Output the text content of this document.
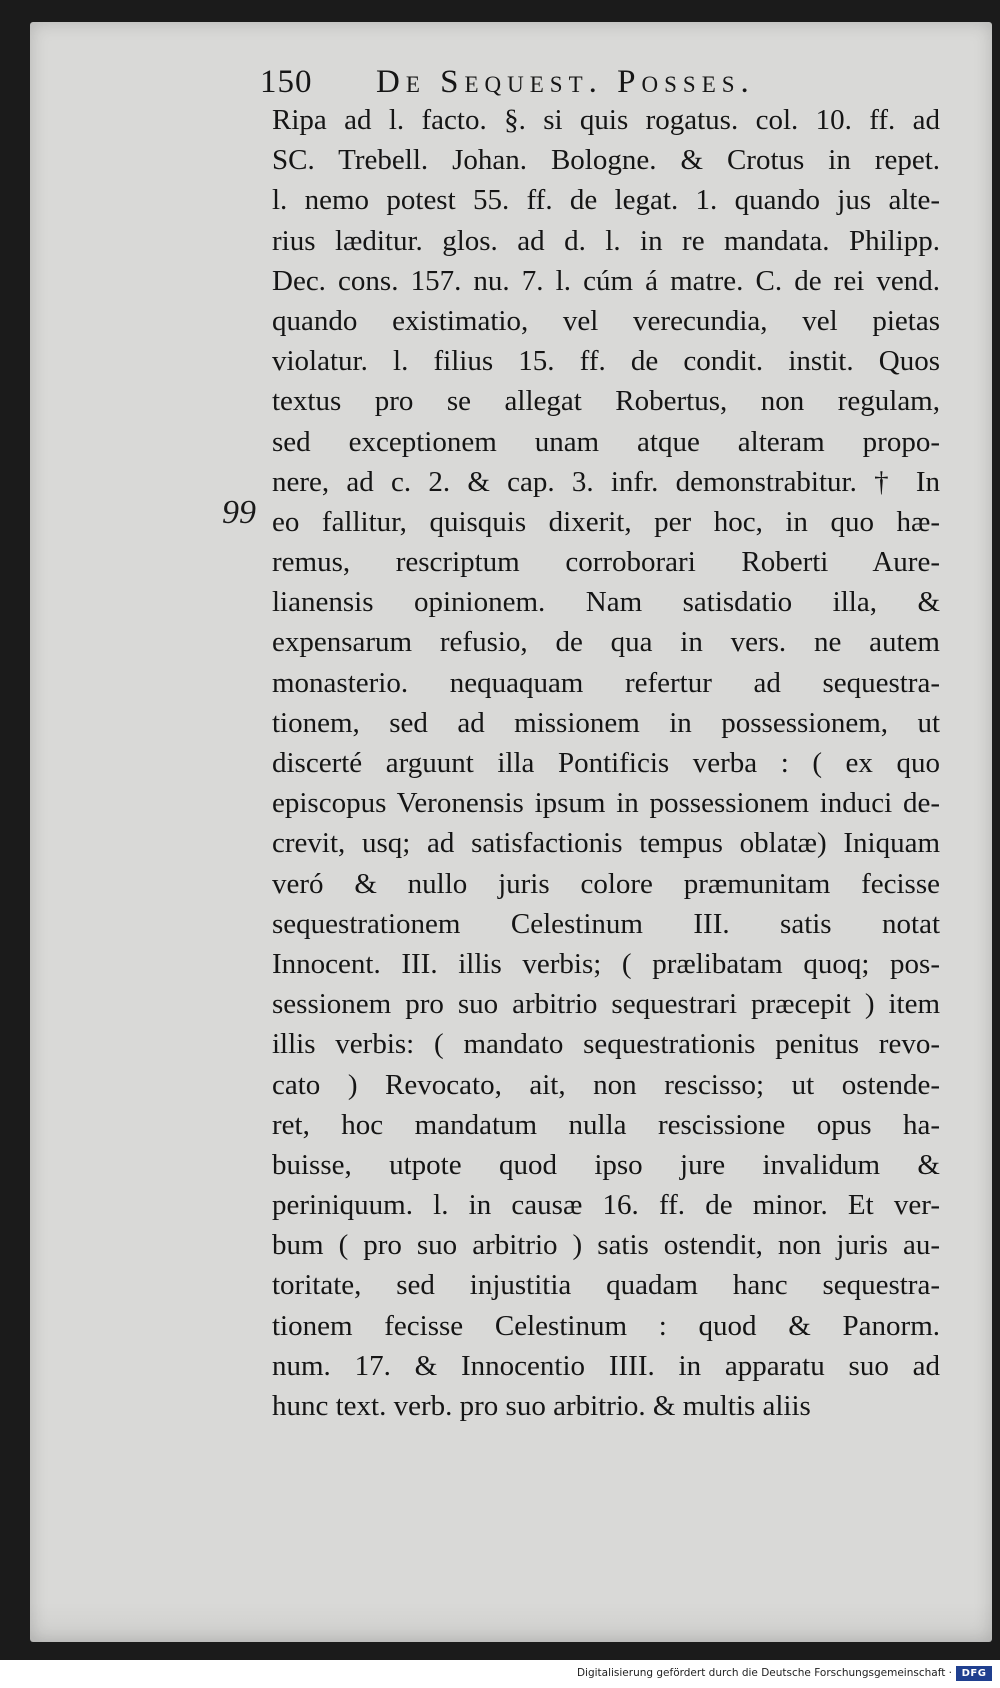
150 De Sequest. Posses.
99
Ripa ad l. facto. §. si quis rogatus. col. 10. ff. ad
SC. Trebell. Johan. Bologne. & Crotus in repet.
l. nemo potest 55. ff. de legat. 1. quando jus alte-
rius læditur. glos. ad d. l. in re mandata. Philipp.
Dec. cons. 157. nu. 7. l. cúm á matre. C. de rei vend.
quando existimatio, vel verecundia, vel pietas
violatur. l. filius 15. ff. de condit. instit. Quos
textus pro se allegat Robertus, non regulam,
sed exceptionem unam atque alteram propo-
nere, ad c. 2. & cap. 3. infr. demonstrabitur. † In
eo fallitur, quisquis dixerit, per hoc, in quo hæ-
remus, rescriptum corroborari Roberti Aure-
lianensis opinionem. Nam satisdatio illa, &
expensarum refusio, de qua in vers. ne autem
monasterio. nequaquam refertur ad sequestra-
tionem, sed ad missionem in possessionem, ut
discerté arguunt illa Pontificis verba : ( ex quo
episcopus Veronensis ipsum in possessionem induci de-
crevit, usq; ad satisfactionis tempus oblatæ) Iniquam
veró & nullo juris colore præmunitam fecisse
sequestrationem Celestinum III. satis notat
Innocent. III. illis verbis; ( prælibatam quoq; pos-
sessionem pro suo arbitrio sequestrari præcepit ) item
illis verbis: ( mandato sequestrationis penitus revo-
cato ) Revocato, ait, non rescisso; ut ostende-
ret, hoc mandatum nulla rescissione opus ha-
buisse, utpote quod ipso jure invalidum &
periniquum. l. in causæ 16. ff. de minor. Et ver-
bum ( pro suo arbitrio ) satis ostendit, non juris au-
toritate, sed injustitia quadam hanc sequestra-
tionem fecisse Celestinum : quod & Panorm.
num. 17. & Innocentio IIII. in apparatu suo ad
hunc text. verb. pro suo arbitrio. & multis aliis
Digitalisierung gefördert durch die Deutsche Forschungsgemeinschaft · DFG
